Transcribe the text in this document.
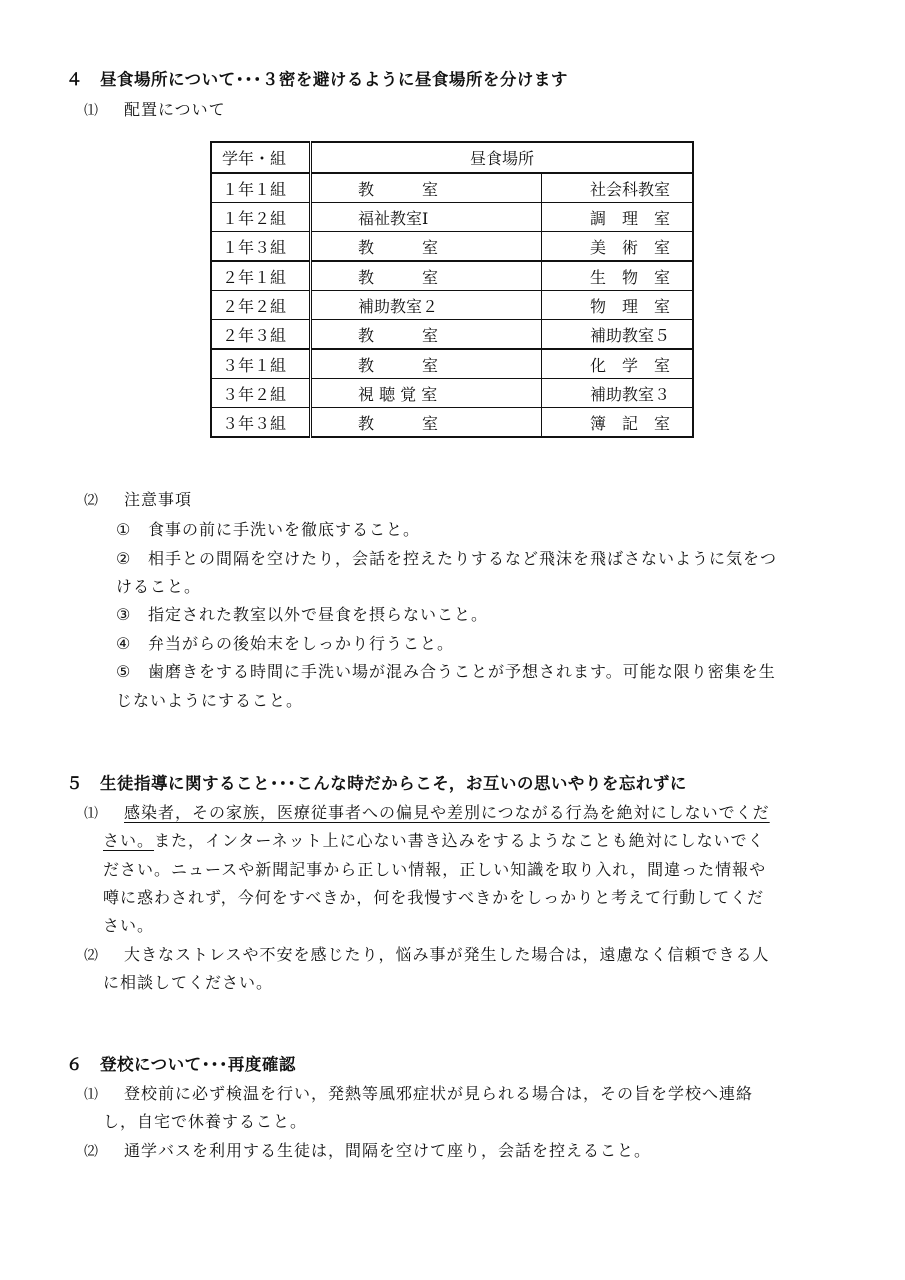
４ 昼食場所について･･･３密を避けるように昼食場所を分けます
⑴ 配置について
学年・組	昼食場所	
１年１組	教　　　室	社会科教室
１年２組	福祉教室Ⅰ	調　理　室
１年３組	教　　　室	美　術　室
２年１組	教　　　室	生　物　室
２年２組	補助教室２	物　理　室
２年３組	教　　　室	補助教室５
３年１組	教　　　室	化　学　室
３年２組	視 聴 覚 室	補助教室３
３年３組	教　　　室	簿　記　室
⑵ 注意事項
① 食事の前に手洗いを徹底すること。
② 相手との間隔を空けたり，会話を控えたりするなど飛沫を飛ばさないように気をつ
けること。
③ 指定された教室以外で昼食を摂らないこと。
④ 弁当がらの後始末をしっかり行うこと。
⑤ 歯磨きをする時間に手洗い場が混み合うことが予想されます。可能な限り密集を生
じないようにすること。
５ 生徒指導に関すること･･･こんな時だからこそ，お互いの思いやりを忘れずに
⑴ 感染者，その家族，医療従事者への偏見や差別につながる行為を絶対にしないでくだ
さい。また，インターネット上に心ない書き込みをするようなことも絶対にしないでく
ださい。ニュースや新聞記事から正しい情報，正しい知識を取り入れ，間違った情報や
噂に惑わされず，今何をすべきか，何を我慢すべきかをしっかりと考えて行動してくだ
さい。
⑵ 大きなストレスや不安を感じたり，悩み事が発生した場合は，遠慮なく信頼できる人
に相談してください。
６ 登校について･･･再度確認
⑴ 登校前に必ず検温を行い，発熱等風邪症状が見られる場合は，その旨を学校へ連絡
し，自宅で休養すること。
⑵ 通学バスを利用する生徒は，間隔を空けて座り，会話を控えること。
